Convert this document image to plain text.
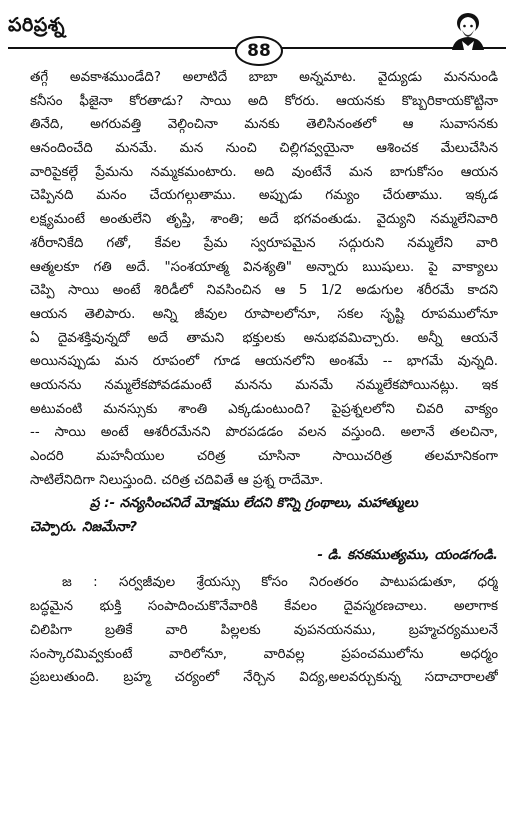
పరిప్రశ్న
88
తగ్గే అవకాశముండేది? అలాటిదే బాబా అన్నమాట. వైద్యుడు మననుండి
కనీసం ఫీజైనా కోరతాడు? సాయి అది కోరరు. ఆయనకు కొబ్బరికాయకొట్టినా
తినేది, అగరువత్తి వెల్గించినా మనకు తెలిసినంతలో ఆ సువాసనకు
ఆనందించేది మనమే. మన నుంచి చిల్లిగవ్వయైనా ఆశించక మేలుచేసిన
వారిపైకల్గే ప్రేమను నమ్మకమంటారు. అది వుంటేనే మన బాగుకోసం ఆయన
చెప్పినది మనం చేయగల్గుతాము. అప్పుడు గమ్యం చేరుతాము. ఇక్కడ
లక్ష్యమంటే అంతులేని తృప్తి, శాంతి; అదే భగవంతుడు. వైద్యుని నమ్మలేనివారి
శరీరానికేది గతో, కేవల ప్రేమ స్వరూపమైన సద్గురుని నమ్మలేని వారి
ఆత్మలకూ గతి అదే. "సంశయాత్మ వినశ్యతి" అన్నారు ఋషులు. పై వాక్యాలు
చెప్పి సాయి అంటే శిరిడీలో నివసించిన ఆ 5 1/2 అడుగుల శరీరమే కాదని
ఆయన తెలిపారు. అన్ని జీవుల రూపాలలోనూ, సకల సృష్టి రూపములోనూ
ఏ దైవశక్తివున్నదో అదే తామని భక్తులకు అనుభవమిచ్చారు. అన్నీ ఆయనే
అయినప్పుడు మన రూపంలో గూడ ఆయనలోని అంశమే -- భాగమే వున్నది.
ఆయనను నమ్మలేకపోవడమంటే మనను మనమే నమ్మలేకపోయినట్లు. ఇక
అటువంటి మనస్సుకు శాంతి ఎక్కడుంటుంది? పైప్రశ్నలలోని చివరి వాక్యం
-- సాయి అంటే ఆశరీరమేనని పొరపడడం వలన వస్తుంది. అలానే తలచినా,
ఎందరి మహనీయుల చరిత్ర చూసినా సాయిచరిత్ర తలమానికంగా
సాటిలేనిదిగా నిలుస్తుంది. చరిత్ర చదివితే ఆ ప్రశ్న రాదేమో.
ప్ర :- నన్యసించనిదే మోక్షము లేదని కొన్ని గ్రంథాలు, మహాత్ములు
చెప్పారు. నిజమేనా?
- డి. కనకముత్యము, యండగండి.
జ : సర్వజీవుల శ్రేయస్సు కోసం నిరంతరం పాటుపడుతూ, ధర్మ
బద్ధమైన భుక్తి సంపాదించుకొనేవారికి కేవలం దైవస్మరణచాలు. అలాగాక
చిలిపిగా బ్రతికే వారి పిల్లలకు వుపనయనము, బ్రహ్మచర్యములనే
సంస్కారమివ్వకుంటే వారిలోనూ, వారివల్ల ప్రపంచములోను అధర్మం
ప్రబలుతుంది. బ్రహ్మ చర్యంలో నేర్చిన విద్య,అలవర్చుకున్న సదాచారాలతో
